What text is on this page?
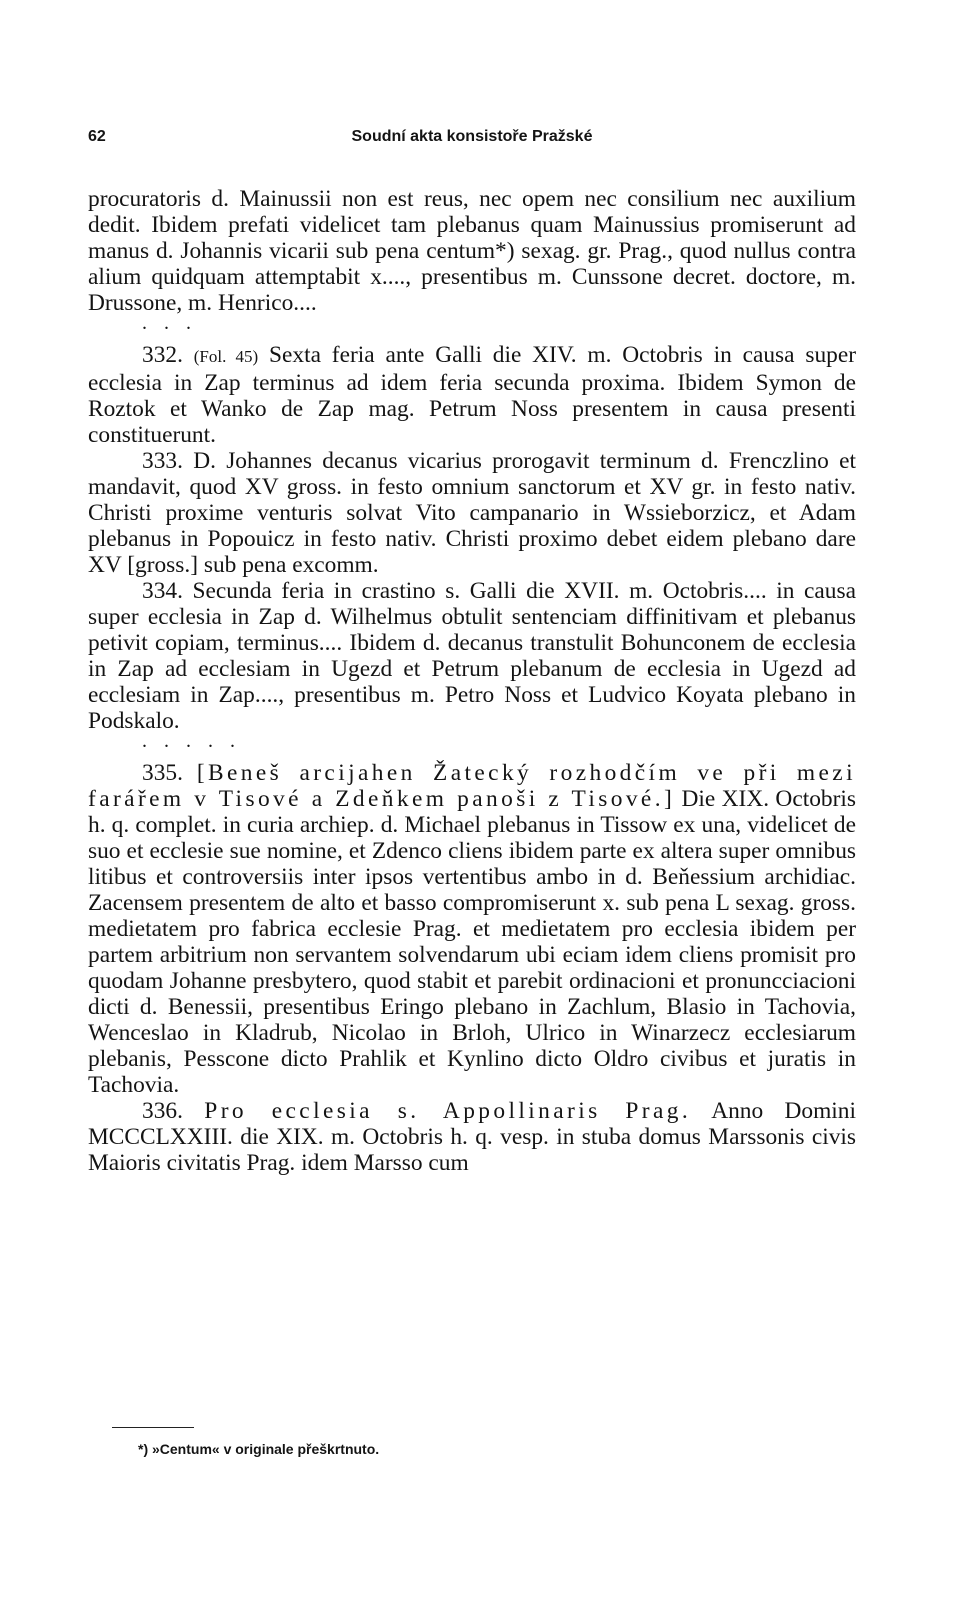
62	Soudní akta konsistoře Pražské

procuratoris d. Mainussii non est reus, nec opem nec consilium nec auxilium dedit. Ibidem prefati videlicet tam plebanus quam Mainussius promiserunt ad manus d. Johannis vicarii sub pena centum*) sexag. gr. Prag., quod nullus contra alium quidquam attemptabit x...., presentibus m. Cunssone decret. doctore, m. Drussone, m. Henrico....

. . .

332. (Fol. 45) Sexta feria ante Galli die XIV. m. Octobris in causa super ecclesia in Zap terminus ad idem feria secunda proxima. Ibidem Symon de Roztok et Wanko de Zap mag. Petrum Noss presentem in causa presenti constituerunt.

333. D. Johannes decanus vicarius prorogavit terminum d. Frenczlino et mandavit, quod XV gross. in festo omnium sanctorum et XV gr. in festo nativ. Christi proxime venturis solvat Vito campanario in Wssieborzicz, et Adam plebanus in Popouicz in festo nativ. Christi proximo debet eidem plebano dare XV [gross.] sub pena excomm.

334. Secunda feria in crastino s. Galli die XVII. m. Octobris.... in causa super ecclesia in Zap d. Wilhelmus obtulit sentenciam diffinitivam et plebanus petivit copiam, terminus.... Ibidem d. decanus transtulit Bohunconem de ecclesia in Zap ad ecclesiam in Ugezd et Petrum plebanum de ecclesia in Ugezd ad ecclesiam in Zap...., presentibus m. Petro Noss et Ludvico Koyata plebano in Podskalo.

. . . . .

335. [Beneš arcijahen Žatecký rozhodčím ve při mezi farářem v Tisové a Zdeňkem panoši z Tisové.] Die XIX. Octobris h. q. complet. in curia archiep. d. Michael plebanus in Tissow ex una, videlicet de suo et ecclesie sue nomine, et Zdenco cliens ibidem parte ex altera super omnibus litibus et controversiis inter ipsos vertentibus ambo in d. Beňessium archidiac. Zacensem presentem de alto et basso compromiserunt x. sub pena L sexag. gross. medietatem pro fabrica ecclesie Prag. et medietatem pro ecclesia ibidem per partem arbitrium non servantem solvendarum ubi eciam idem cliens promisit pro quodam Johanne presbytero, quod stabit et parebit ordinacioni et pronuncciacioni dicti d. Benessii, presentibus Eringo plebano in Zachlum, Blasio in Tachovia, Wenceslao in Kladrub, Nicolao in Brloh, Ulrico in Winarzecz ecclesiarum plebanis, Pesscone dicto Prahlik et Kynlino dicto Oldro civibus et juratis in Tachovia.

336. Pro ecclesia s. Appollinaris Prag. Anno Domini MCCCLXXIII. die XIX. m. Octobris h. q. vesp. in stuba domus Marssonis civis Maioris civitatis Prag. idem Marsso cum

*) »Centum« v originale přeškrtnuto.
